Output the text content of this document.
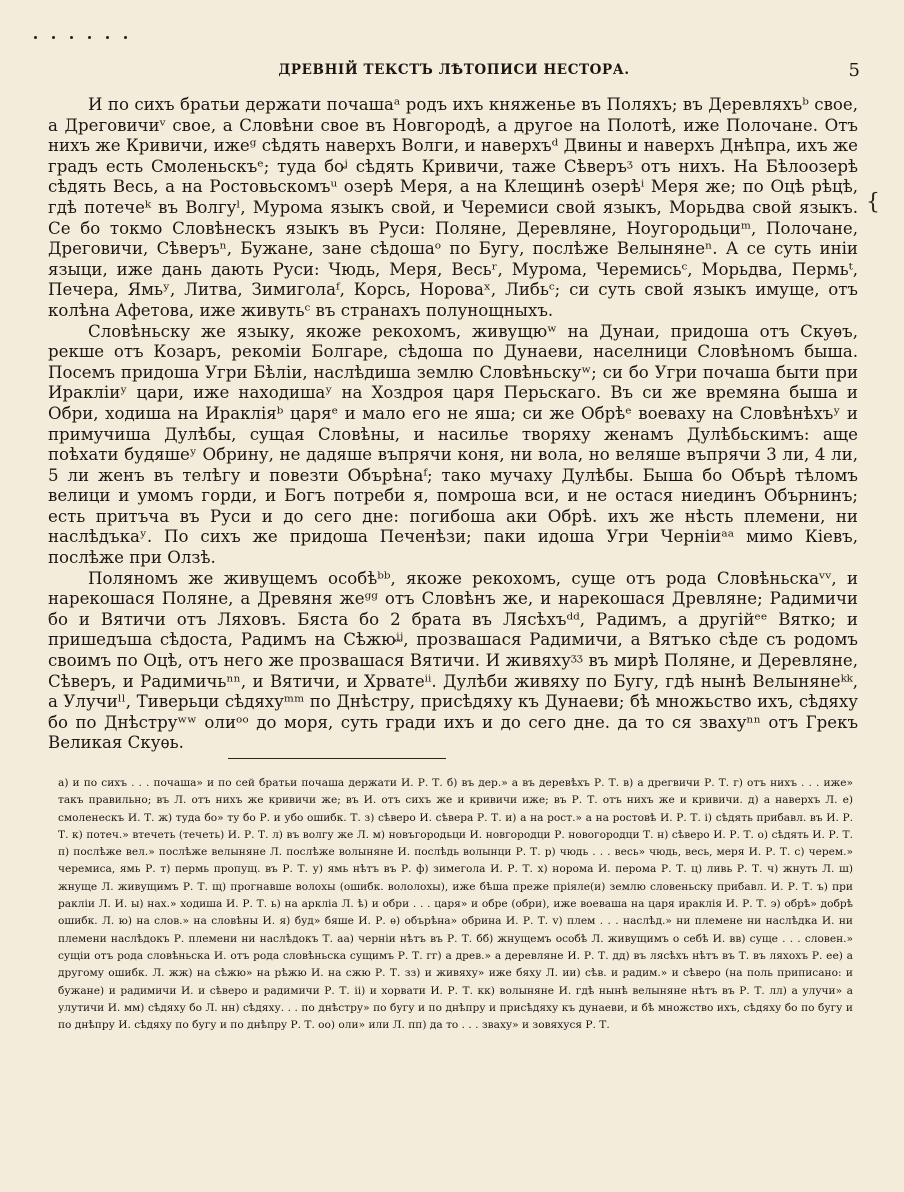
ДРЕВНІЙ ТЕКСТЪ ЛѢТОПИСИ НЕСТОРА.	5
{

И по сихъ братьи держати почашаᵃ родъ ихъ княженье въ Поляхъ; въ Деревляхъᵇ свое, а Дреговичиᵛ свое, а Словѣни свое въ Новгородѣ, а другое на Полотѣ, иже Полочане. Отъ нихъ же Кривичи, ижеᵍ сѣдять наверхъ Волги, и наверхъᵈ Двины и наверхъ Днѣпра, ихъ же градъ есть Смоленьскъᵉ; туда боᶨ сѣдять Кривичи, таже Сѣверъᶾ отъ нихъ. На Бѣлоозерѣ сѣдять Весь, а на Ростовьскомъᵘ озерѣ Меря, а на Клещинѣ озерѣⁱ Меря же; по Оцѣ рѣцѣ, гдѣ потечеᵏ въ Волгуˡ, Мурома языкъ свой, и Черемиси свой языкъ, Морьдва свой языкъ. Се бо токмо Словѣнескъ языкъ въ Руси: Поляне, Деревляне, Ноугородьциᵐ, Полочане, Дреговичи, Сѣверъⁿ, Бужане, зане сѣдошаᵒ по Бугу, послѣже Велынянеⁿ. А се суть иніи языци, иже дань дають Руси: Чюдь, Меря, Весьʳ, Мурома, Черемисьᶜ, Морьдва, Пермьᵗ, Печера, Ямьʸ, Литва, Зимиголаᶠ, Корсь, Нороваˣ, Либьᶜ; си суть свой языкъ имуще, отъ колѣна Афетова, иже живутьᶜ въ странахъ полунощныхъ.

Словѣньску же языку, якоже рекохомъ, живущюʷ на Дунаи, придоша отъ Скуѳъ, рекше отъ Козаръ, рекоміи Болгаре, сѣдоша по Дунаеви, населници Словѣномъ быша. Посемъ придоша Угри Бѣліи, наслѣдиша землю Словѣньскуʷ; си бо Угри почаша быти при Ираклiиʸ цари, иже находишаʸ на Хоздроя царя Перьскаго. Въ си же времяна быша и Обри, ходиша на Иракліяᵇ царяᵉ и мало его не яша; си же Обрѣᵉ воеваху на Словѣнѣхъʸ и примучиша Дулѣбы, сущая Словѣны, и насилье творяху женамъ Дулѣбьскимъ: аще поѣхати будяшеʸ Обрину, не дадяше въпрячи коня, ни вола, но веляше въпрячи 3 ли, 4 ли, 5 ли женъ въ телѣгу и повезти Обърѣнаᶠ; тако мучаху Дулѣбы. Быша бо Обърѣ тѣломъ велици и умомъ горди, и Богъ потреби я, помроша вси, и не остася ниединъ Обърнинъ; есть притъча въ Руси и до сего дне: погибоша аки Обрѣ. ихъ же нѣсть племени, ни наслѣдъкаʸ. По сихъ же придоша Печенѣзи; паки идоша Угри Черніиᵃᵃ мимо Кіевъ, послѣже при Олзѣ.

Поляномъ же живущемъ особѣᵇᵇ, якоже рекохомъ, суще отъ рода Словѣньскаᵛᵛ, и нарекошася Поляне, а Древяня жеᵍᵍ отъ Словѣнъ же, и нарекошася Древляне; Радимичи бо и Вятичи отъ Ляховъ. Бяста бо 2 брата въ Лясѣхъᵈᵈ, Радимъ, а другійᵉᵉ Вятко; и пришедъша сѣдоста, Радимъ на Сѣжюᶨᶨ, прозвашася Радимичи, а Вятъко сѣде съ родомъ своимъ по Оцѣ, отъ него же прозвашася Вятичи. И живяхуᶾᶾ въ мирѣ Поляне, и Деревляне, Сѣверъ, и Радимичьⁿⁿ, и Вятичи, и Хрватеⁱⁱ. Дулѣби живяху по Бугу, гдѣ нынѣ Велынянеᵏᵏ, а Улучиˡˡ, Тиверьци сѣдяхуᵐᵐ по Днѣстру, присѣдяху къ Дунаеви; бѣ множьство ихъ, сѣдяху бо по Днѣструʷʷ олиᵒᵒ до моря, суть гради ихъ и до сего дне. да то ся звахуⁿⁿ отъ Грекъ Великая Скуѳь.

а) и по сихъ . . . почаша» и по сей братьи почаша держати И. Р. Т. б) въ дер.» а въ деревѣхъ Р. Т. в) а дрегвичи Р. Т. г) отъ нихъ . . . иже» такъ правильно; въ Л. отъ нихъ же кривичи же; въ И. отъ сихъ же и кривичи иже; въ Р. Т. отъ нихъ же и кривичи. д) а наверхъ Л. е) смоленескъ И. Т. ж) туда бо» ту бо Р. и убо ошибк. Т. з) сѣверо И. сѣвера Р. Т. и) а на рост.» а на ростовѣ И. Р. Т. і) сѣдять прибавл. въ И. Р. Т. к) потеч.» втечеть (течеть) И. Р. Т. л) въ волгу же Л. м) новъгородьци И. новгородци Р. новогородци Т. н) сѣверо И. Р. Т. о) сѣдять И. Р. Т. п) послѣже вел.» послѣже велыняне Л. послѣже волыняне И. послѣдь волынци Р. Т. р) чюдь . . . весь» чюдь, весь, меря И. Р. Т. с) черем.» черемиса, ямь Р. т) пермь пропущ. въ Р. Т. у) ямь нѣтъ въ Р. ф) зимегола И. Р. Т. х) норома И. перома Р. Т. ц) ливь Р. Т. ч) жнуть Л. ш) жнуще Л. живущимъ Р. Т. щ) прогнавше волохы (ошибк. вололохы), иже бѣша преже прiяле(и) землю словеньску прибавл. И. Р. Т. ъ) при ракліи Л. И. ы) нах.» ходиша И. Р. Т. ь) на аркліа Л. ѣ) и обри . . . царя» и обре (обри), иже воеваша на царя ираклiя И. Р. Т. э) обрѣ» добрѣ ошибк. Л. ю) на слов.» на словѣны И. я) буд» бяше И. Р. ѳ) обърѣна» обрина И. Р. Т. v) плем . . . наслѣд.» ни племене ни наслѣдка И. ни племени наслѣдокъ Р. племени ни наслѣдокъ Т. аа) чернiи нѣтъ въ Р. Т. бб) жнущемъ особѣ Л. живущимъ о себѣ И. вв) суще . . . словен.» сущiи отъ рода словѣньска И. отъ рода словѣньска сущимъ Р. Т. гг) а древ.» а деревляне И. Р. Т. дд) въ лясѣхъ нѣтъ въ Т. въ ляхохъ Р. ее) а другому ошибк. Л. жж) на сѣжю» на рѣжю И. на сжю Р. Т. зз) и живяху» иже бяху Л. ии) сѣв. и радим.» и сѣверо (на поль приписано: и бужане) и радимичи И. и сѣверо и радимичи Р. Т. ii) и хорвати И. Р. Т. кк) волыняне И. гдѣ нынѣ велыняне нѣтъ въ Р. Т. лл) а улучи» а улутичи И. мм) сѣдяху бо Л. нн) сѣдяху. . . по днѣстру» по бугу и по днѣпру и присѣдяху къ дунаеви, и бѣ множство ихъ, сѣдяху бо по бугу и по днѣпру И. сѣдяху по бугу и по днѣпру Р. Т. оо) оли» или Л. пп) да то . . . зваху» и зовяхуся Р. Т.
